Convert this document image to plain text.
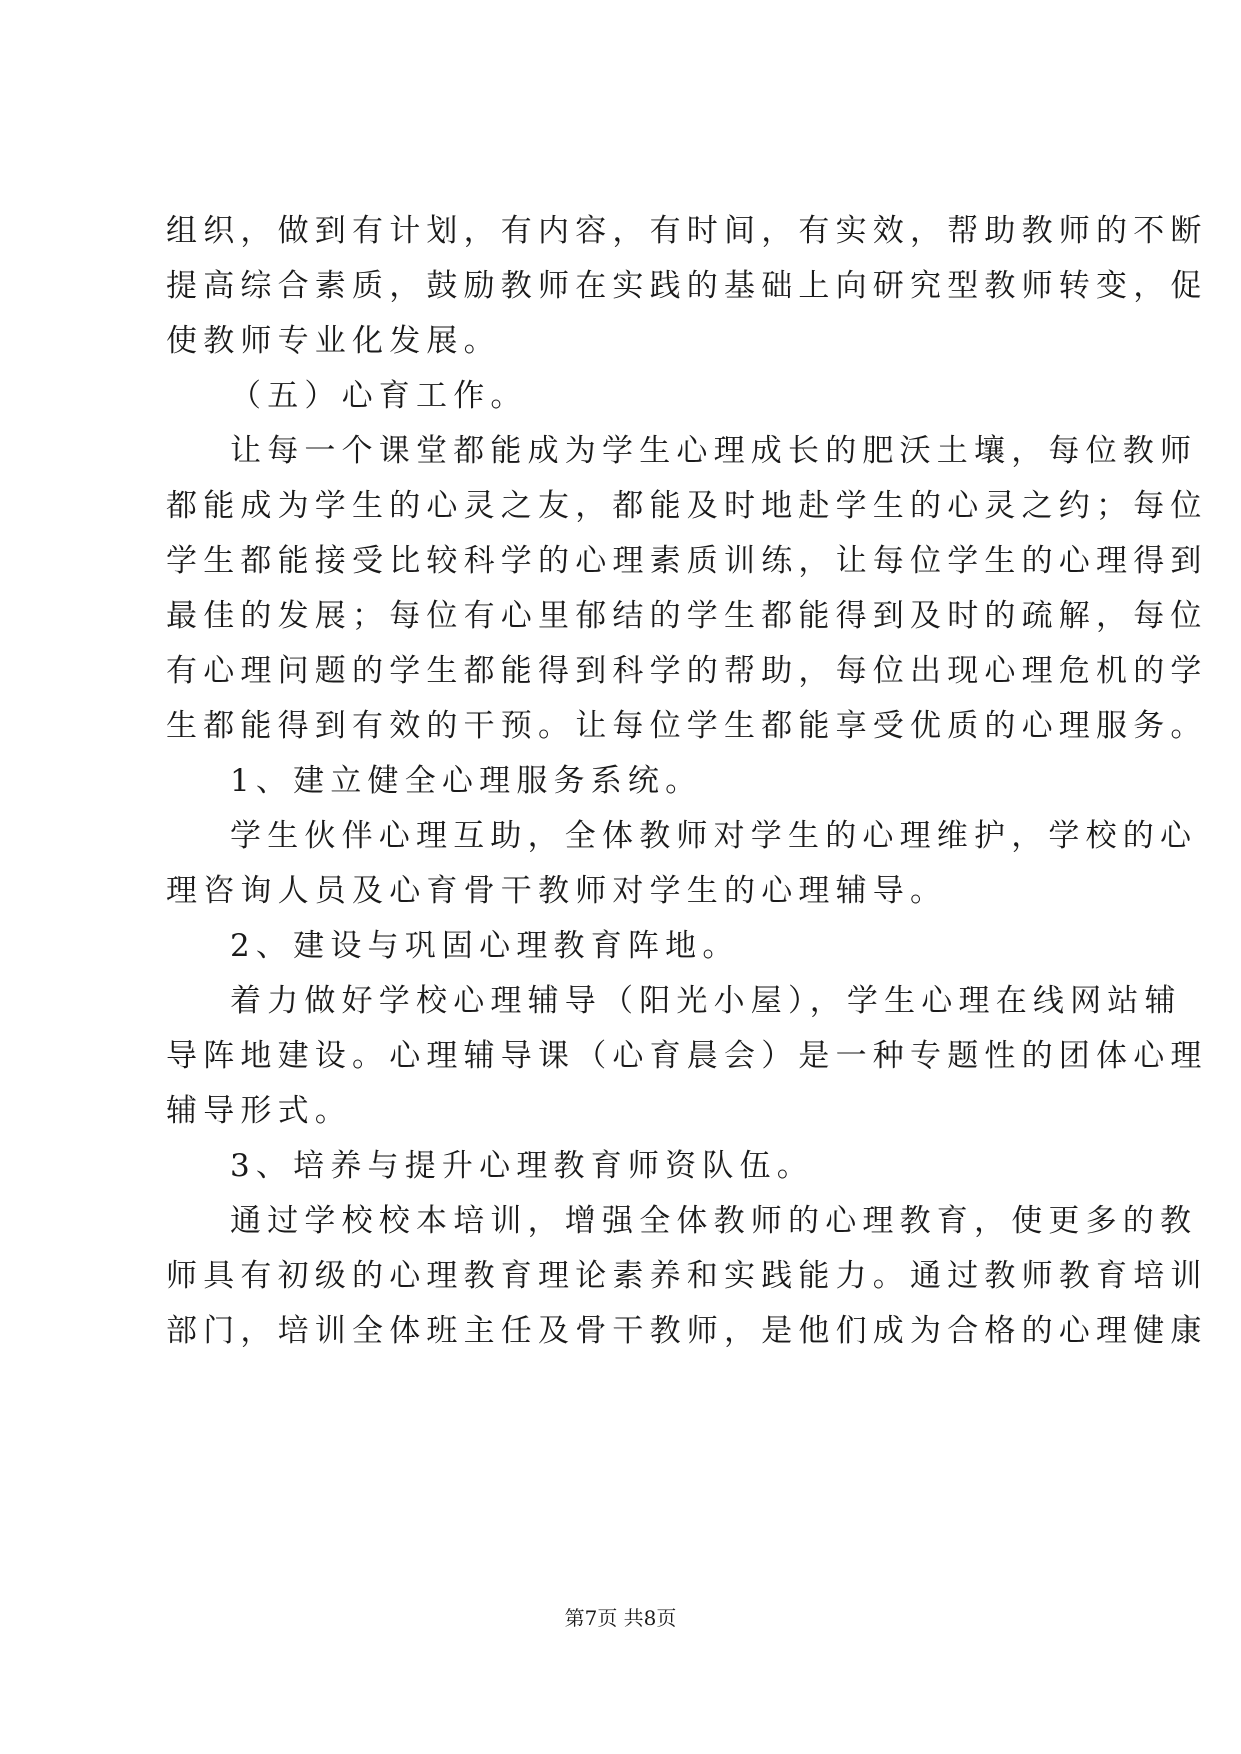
组织，做到有计划，有内容，有时间，有实效，帮助教师的不断
提高综合素质，鼓励教师在实践的基础上向研究型教师转变，促
使教师专业化发展。
（五）心育工作。
让每一个课堂都能成为学生心理成长的肥沃土壤，每位教师
都能成为学生的心灵之友，都能及时地赴学生的心灵之约；每位
学生都能接受比较科学的心理素质训练，让每位学生的心理得到
最佳的发展；每位有心里郁结的学生都能得到及时的疏解，每位
有心理问题的学生都能得到科学的帮助，每位出现心理危机的学
生都能得到有效的干预。让每位学生都能享受优质的心理服务。
1、建立健全心理服务系统。
学生伙伴心理互助，全体教师对学生的心理维护，学校的心
理咨询人员及心育骨干教师对学生的心理辅导。
2、建设与巩固心理教育阵地。
着力做好学校心理辅导（阳光小屋），学生心理在线网站辅
导阵地建设。心理辅导课（心育晨会）是一种专题性的团体心理
辅导形式。
3、培养与提升心理教育师资队伍。
通过学校校本培训，增强全体教师的心理教育，使更多的教
师具有初级的心理教育理论素养和实践能力。通过教师教育培训
部门，培训全体班主任及骨干教师，是他们成为合格的心理健康
第7页 共8页
